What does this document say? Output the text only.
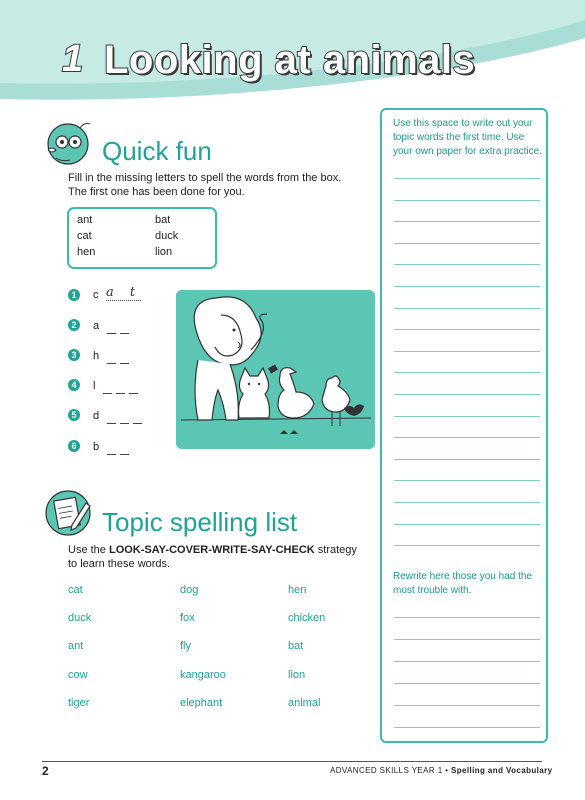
1 Looking at animals
Use this space to write out your topic words the first time. Use your own paper for extra practice.
Rewrite here those you had the most trouble with.
Quick fun
Fill in the missing letters to spell the words from the box. The first one has been done for you.
ant	bat
cat	duck
hen	lion
1	c a t
2	a
3	h
4	l
5	d
6	b
Topic spelling list
Use the LOOK-SAY-COVER-WRITE-SAY-CHECK strategy to learn these words.
cat	dog	hen
duck	fox	chicken
ant	fly	bat
cow	kangaroo	lion
tiger	elephant	animal
2	ADVANCED SKILLS YEAR 1 • Spelling and Vocabulary
